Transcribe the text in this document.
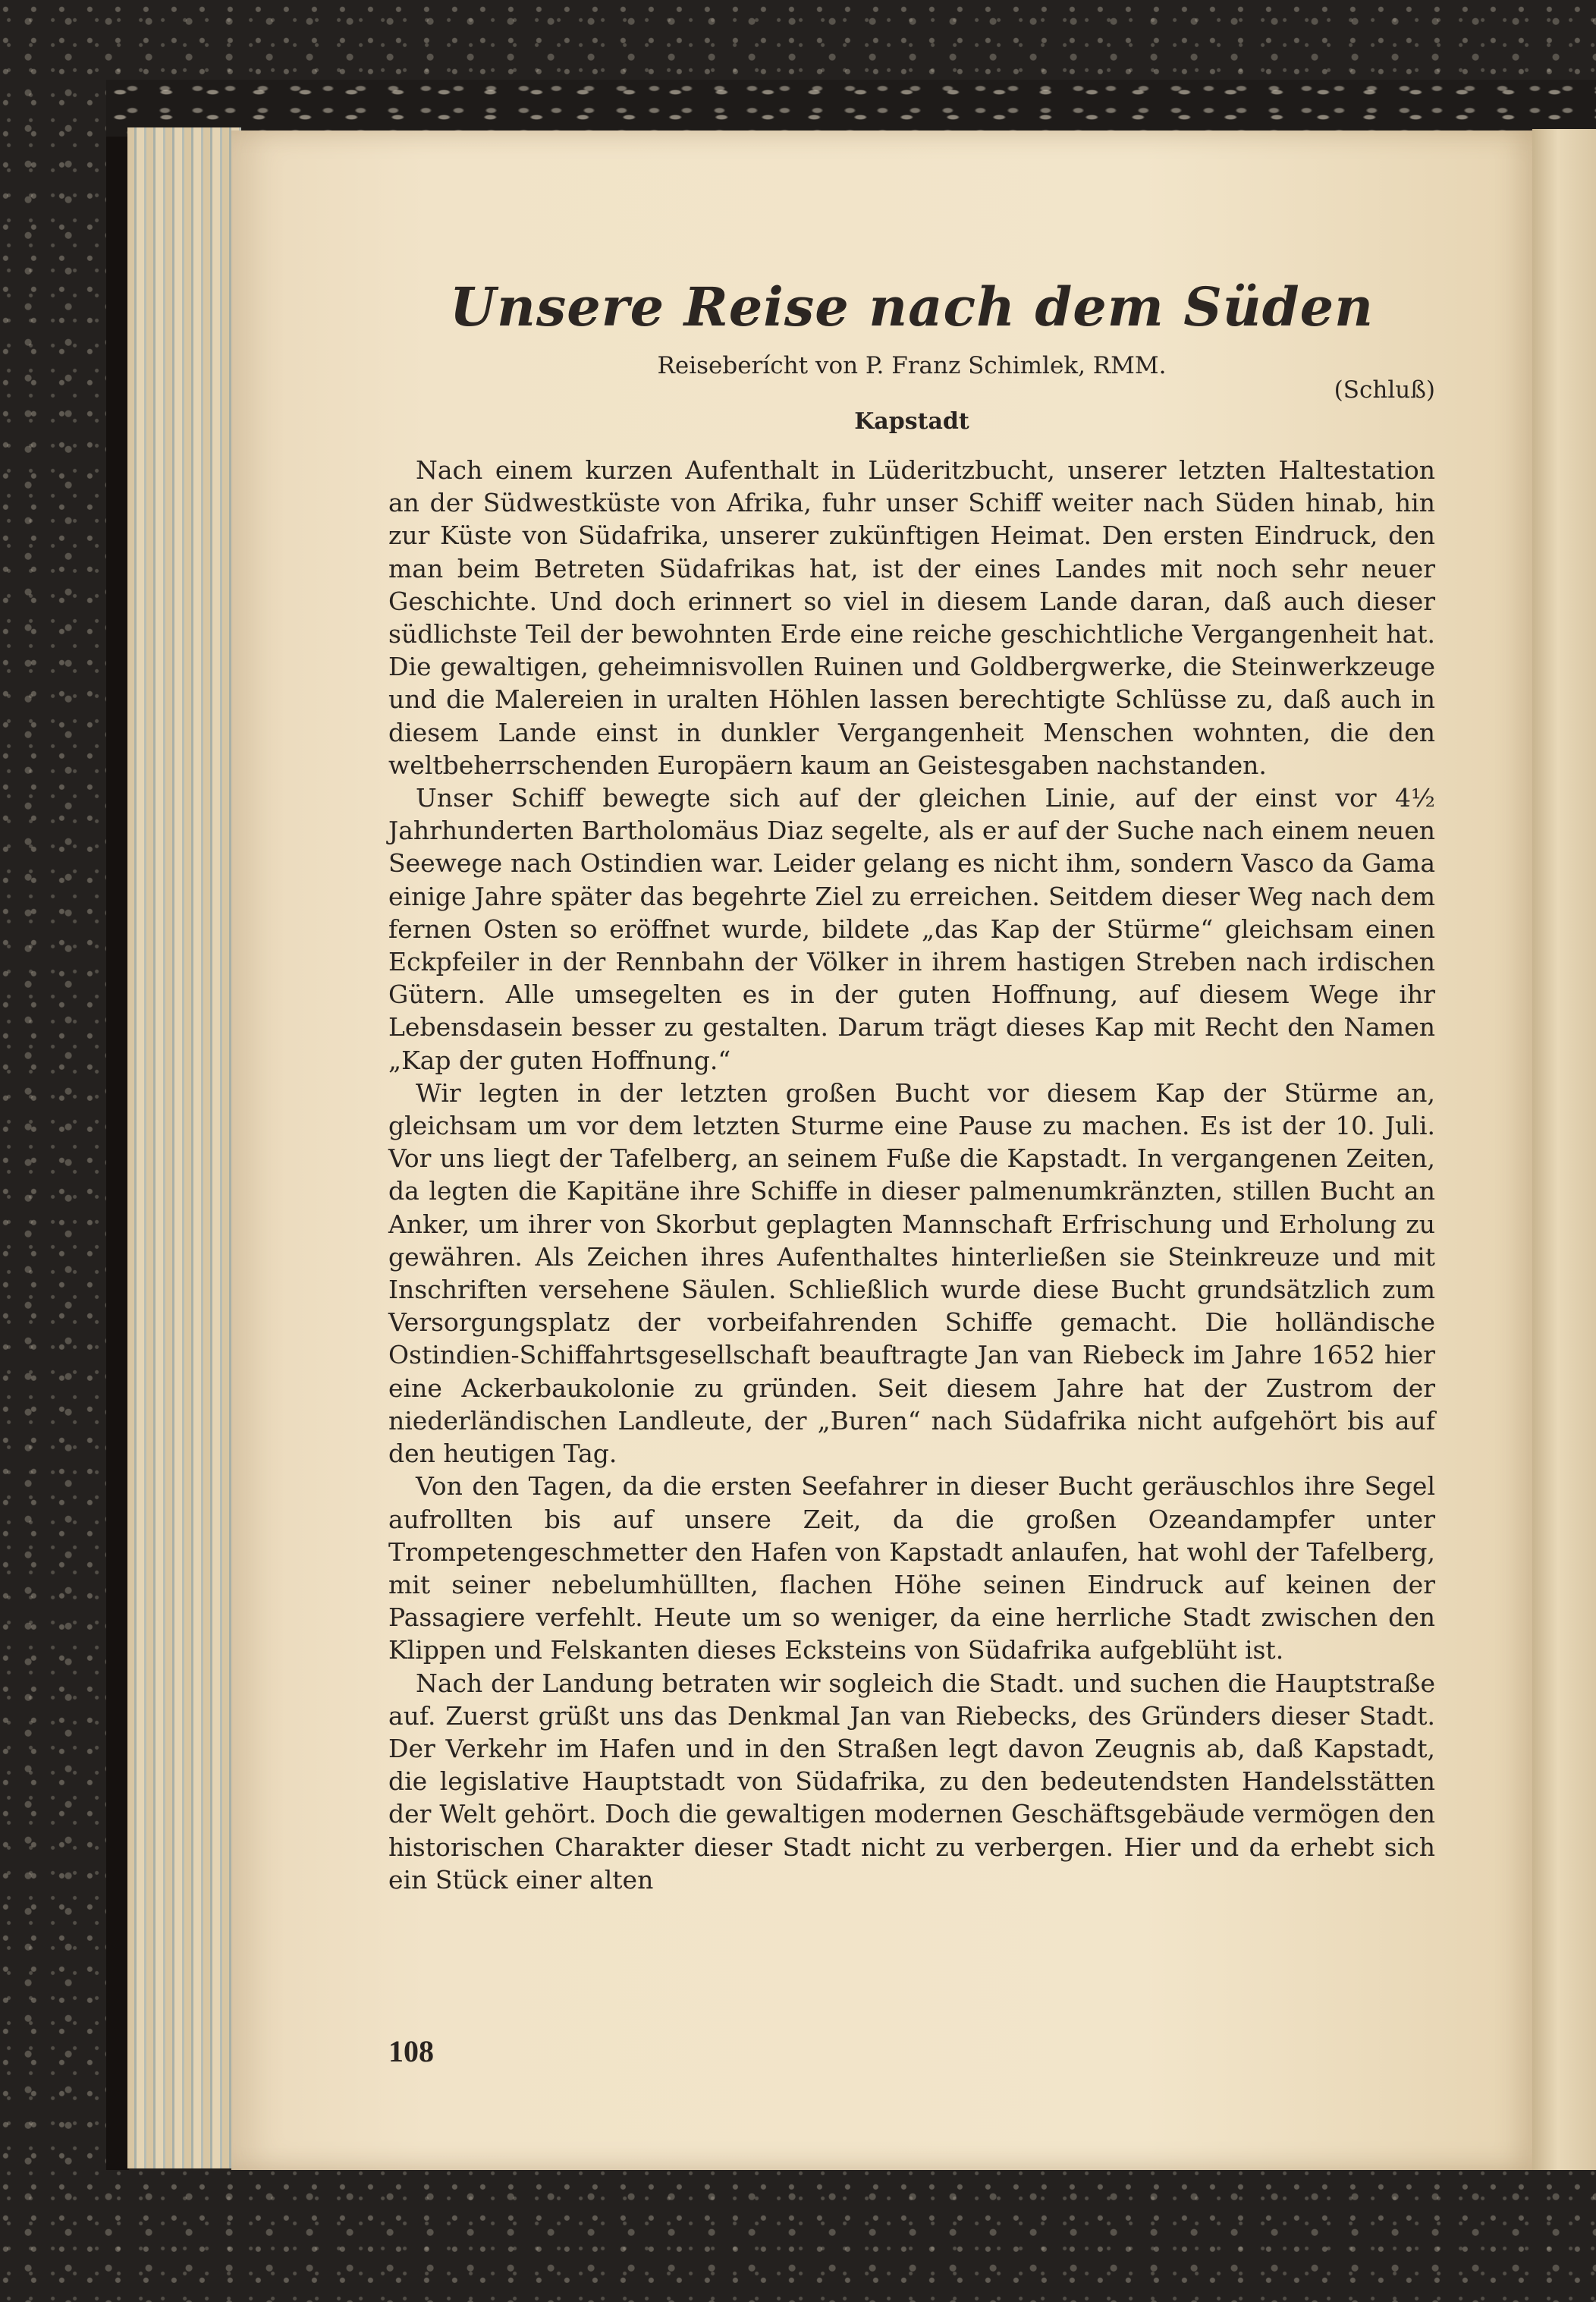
Unsere Reise nach dem Süden
Reiseberícht von P. Franz Schimlek, RMM.
(Schluß)
Kapstadt

Nach einem kurzen Aufenthalt in Lüderitzbucht, unserer letzten Haltestation an der Südwestküste von Afrika, fuhr unser Schiff weiter nach Süden hinab, hin zur Küste von Südafrika, unserer zukünftigen Heimat. Den ersten Eindruck, den man beim Betreten Südafrikas hat, ist der eines Landes mit noch sehr neuer Geschichte. Und doch erinnert so viel in diesem Lande daran, daß auch dieser südlichste Teil der bewohnten Erde eine reiche geschichtliche Vergangenheit hat. Die gewaltigen, geheimnisvollen Ruinen und Goldbergwerke, die Steinwerkzeuge und die Malereien in uralten Höhlen lassen berechtigte Schlüsse zu, daß auch in diesem Lande einst in dunkler Vergangenheit Menschen wohnten, die den weltbeherrschenden Europäern kaum an Geistesgaben nachstanden.

Unser Schiff bewegte sich auf der gleichen Linie, auf der einst vor 4½ Jahrhunderten Bartholomäus Diaz segelte, als er auf der Suche nach einem neuen Seewege nach Ostindien war. Leider gelang es nicht ihm, sondern Vasco da Gama einige Jahre später das begehrte Ziel zu erreichen. Seitdem dieser Weg nach dem fernen Osten so eröffnet wurde, bildete „das Kap der Stürme“ gleichsam einen Eckpfeiler in der Rennbahn der Völker in ihrem hastigen Streben nach irdischen Gütern. Alle umsegelten es in der guten Hoffnung, auf diesem Wege ihr Lebensdasein besser zu gestalten. Darum trägt dieses Kap mit Recht den Namen „Kap der guten Hoffnung.“

Wir legten in der letzten großen Bucht vor diesem Kap der Stürme an, gleichsam um vor dem letzten Sturme eine Pause zu machen. Es ist der 10. Juli. Vor uns liegt der Tafelberg, an seinem Fuße die Kapstadt. In vergangenen Zeiten, da legten die Kapitäne ihre Schiffe in dieser palmenumkränzten, stillen Bucht an Anker, um ihrer von Skorbut geplagten Mannschaft Erfrischung und Erholung zu gewähren. Als Zeichen ihres Aufenthaltes hinterließen sie Steinkreuze und mit Inschriften versehene Säulen. Schließlich wurde diese Bucht grundsätzlich zum Versorgungsplatz der vorbeifahrenden Schiffe gemacht. Die holländische Ostindien-Schiffahrtsgesellschaft beauftragte Jan van Riebeck im Jahre 1652 hier eine Ackerbaukolonie zu gründen. Seit diesem Jahre hat der Zustrom der niederländischen Landleute, der „Buren“ nach Südafrika nicht aufgehört bis auf den heutigen Tag.

Von den Tagen, da die ersten Seefahrer in dieser Bucht geräuschlos ihre Segel aufrollten bis auf unsere Zeit, da die großen Ozeandampfer unter Trompetengeschmetter den Hafen von Kapstadt anlaufen, hat wohl der Tafelberg, mit seiner nebelumhüllten, flachen Höhe seinen Eindruck auf keinen der Passagiere verfehlt. Heute um so weniger, da eine herrliche Stadt zwischen den Klippen und Felskanten dieses Ecksteins von Südafrika aufgeblüht ist.

Nach der Landung betraten wir sogleich die Stadt. und suchen die Hauptstraße auf. Zuerst grüßt uns das Denkmal Jan van Riebecks, des Gründers dieser Stadt. Der Verkehr im Hafen und in den Straßen legt davon Zeugnis ab, daß Kapstadt, die legislative Hauptstadt von Südafrika, zu den bedeutendsten Handelsstätten der Welt gehört. Doch die gewaltigen modernen Geschäftsgebäude vermögen den historischen Charakter dieser Stadt nicht zu verbergen. Hier und da erhebt sich ein Stück einer alten

108
